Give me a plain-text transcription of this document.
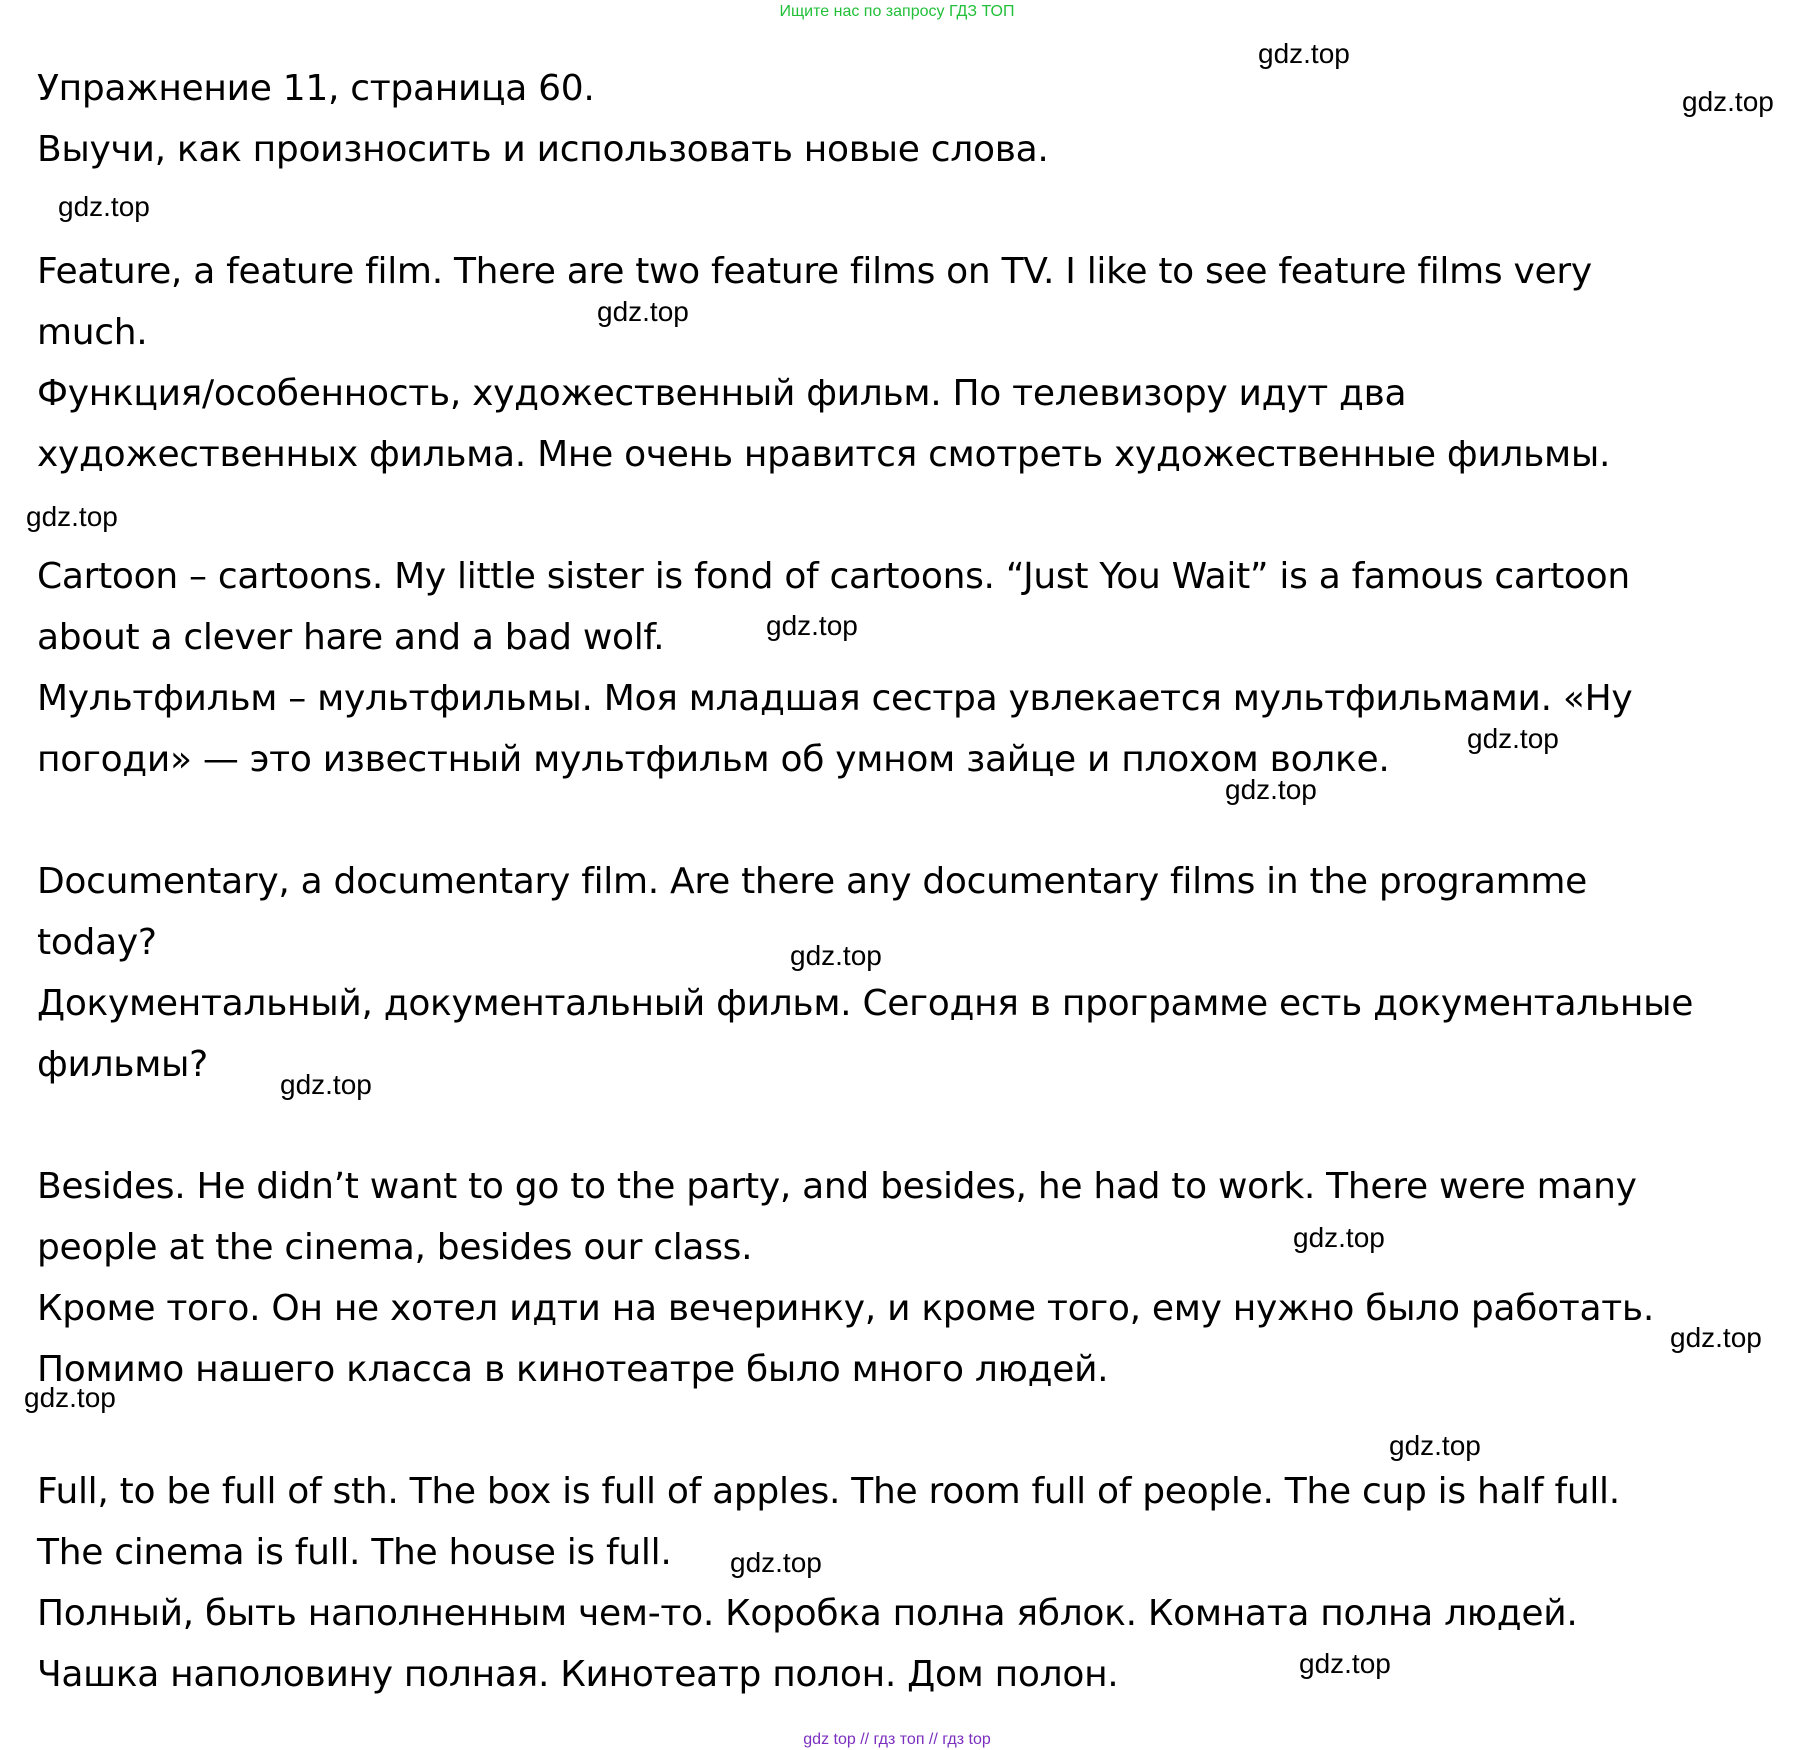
Ищите нас по запросу ГДЗ ТОП
Упражнение 11, страница 60.
Выучи, как произносить и использовать новые слова.
Feature, a feature film. There are two feature films on TV. I like to see feature films very
much.
Функция/особенность, художественный фильм. По телевизору идут два
художественных фильма. Мне очень нравится смотреть художественные фильмы.
Cartoon – cartoons. My little sister is fond of cartoons. “Just You Wait” is a famous cartoon
about a clever hare and a bad wolf.
Мультфильм – мультфильмы. Моя младшая сестра увлекается мультфильмами. «Ну
погоди» — это известный мультфильм об умном зайце и плохом волке.
Documentary, a documentary film. Are there any documentary films in the programme
today?
Документальный, документальный фильм. Сегодня в программе есть документальные
фильмы?
Besides. He didn’t want to go to the party, and besides, he had to work. There were many
people at the cinema, besides our class.
Кроме того. Он не хотел идти на вечеринку, и кроме того, ему нужно было работать.
Помимо нашего класса в кинотеатре было много людей.
Full, to be full of sth. The box is full of apples. The room full of people. The cup is half full.
The cinema is full. The house is full.
Полный, быть наполненным чем-то. Коробка полна яблок. Комната полна людей.
Чашка наполовину полная. Кинотеатр полон. Дом полон.
gdz.top
gdz.top
gdz.top
gdz.top
gdz.top
gdz.top
gdz.top
gdz.top
gdz.top
gdz.top
gdz.top
gdz.top
gdz.top
gdz.top
gdz.top
gdz.top
gdz top // гдз топ // гдз top
